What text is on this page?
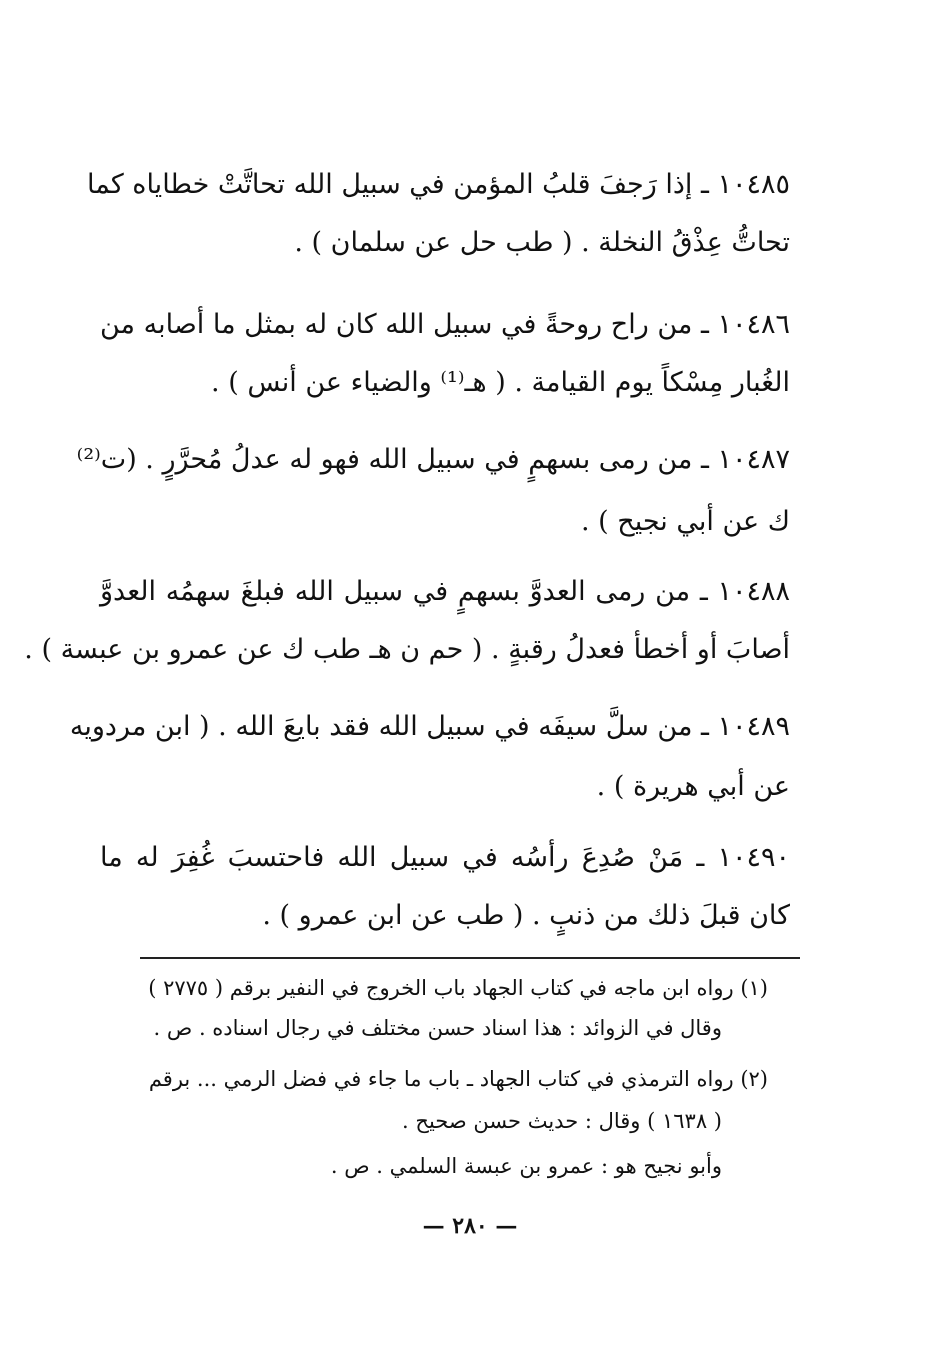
١٠٤٨٥ ـ إذا رَجفَ قلبُ المؤمن في سبيل الله تحاتَّتْ خطاياه كما
تحاتُّ عِذْقُ النخلة . ( طب حل عن سلمان ) .
١٠٤٨٦ ـ من راح روحةً في سبيل الله كان له بمثل ما أصابه من
الغُبار مِسْكاً يوم القيامة . ( هـ⁽¹⁾ والضياء عن أنس ) .
١٠٤٨٧ ـ من رمى بسهمٍ في سبيل الله فهو له عدلُ مُحرَّرٍ . (ت⁽²⁾
ك عن أبي نجيح ) .
١٠٤٨٨ ـ من رمى العدوَّ بسهمٍ في سبيل الله فبلغَ سهمُه العدوَّ
أصابَ أو أخطأ فعدلُ رقبةٍ . ( حم ن هـ طب ك عن عمرو بن عبسة ) .
١٠٤٨٩ ـ من سلَّ سيفَه في سبيل الله فقد بايعَ الله . ( ابن مردويه
عن أبي هريرة ) .
١٠٤٩٠ ـ مَنْ صُدِعَ رأسُه في سبيل الله فاحتسبَ غُفِرَ له ما
كان قبلَ ذلك من ذنبٍ . ( طب عن ابن عمرو ) .
(١) رواه ابن ماجه في كتاب الجهاد باب الخروج في النفير برقم ( ٢٧٧٥ )
وقال في الزوائد : هذا اسناد حسن مختلف في رجال اسناده . ص .
(٢) رواه الترمذي في كتاب الجهاد ـ باب ما جاء في فضل الرمي ... برقم
( ١٦٣٨ ) وقال : حديث حسن صحيح .
وأبو نجيح هو : عمرو بن عبسة السلمي . ص .
— ٢٨٠ —
